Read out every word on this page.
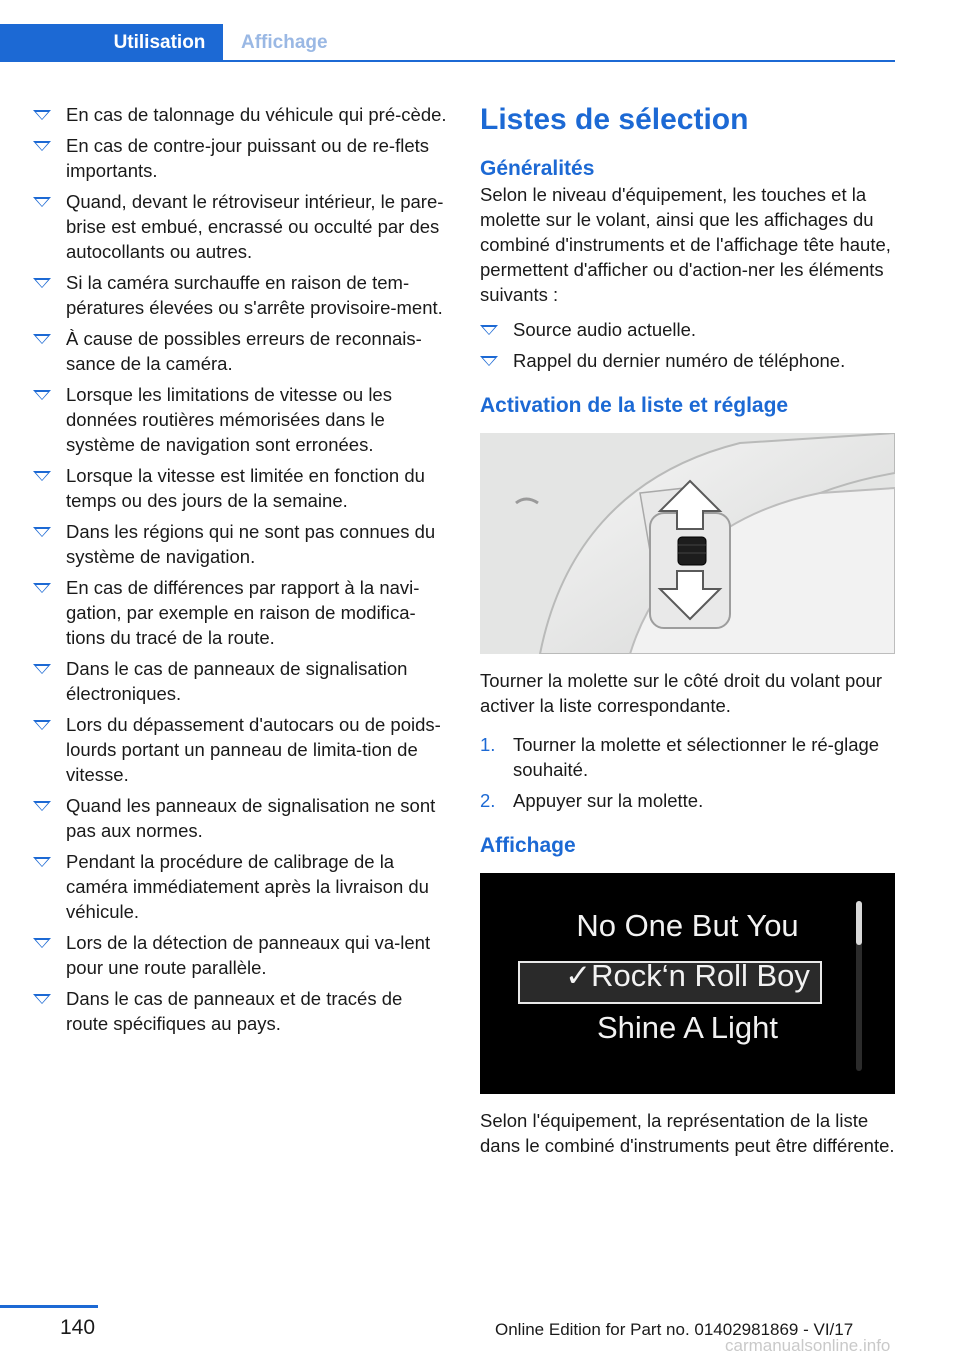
Utilisation	Affichage
En cas de talonnage du véhicule qui pré‐cède.
En cas de contre-jour puissant ou de re‐flets importants.
Quand, devant le rétroviseur intérieur, le pare-brise est embué, encrassé ou occulté par des autocollants ou autres.
Si la caméra surchauffe en raison de tem‐pératures élevées ou s'arrête provisoire‐ment.
À cause de possibles erreurs de reconnais‐sance de la caméra.
Lorsque les limitations de vitesse ou les données routières mémorisées dans le système de navigation sont erronées.
Lorsque la vitesse est limitée en fonction du temps ou des jours de la semaine.
Dans les régions qui ne sont pas connues du système de navigation.
En cas de différences par rapport à la navi‐gation, par exemple en raison de modifica‐tions du tracé de la route.
Dans le cas de panneaux de signalisation électroniques.
Lors du dépassement d'autocars ou de poids-lourds portant un panneau de limita‐tion de vitesse.
Quand les panneaux de signalisation ne sont pas aux normes.
Pendant la procédure de calibrage de la caméra immédiatement après la livraison du véhicule.
Lors de la détection de panneaux qui va‐lent pour une route parallèle.
Dans le cas de panneaux et de tracés de route spécifiques au pays.
Listes de sélection
Généralités

Selon le niveau d'équipement, les touches et la molette sur le volant, ainsi que les affichages du combiné d'instruments et de l'affichage tête haute, permettent d'afficher ou d'action‐ner les éléments suivants :

Source audio actuelle.
Rappel du dernier numéro de téléphone.
Activation de la liste et réglage

Tourner la molette sur le côté droit du volant pour activer la liste correspondante.

1. Tourner la molette et sélectionner le ré‐glage souhaité.
2. Appuyer sur la molette.
Affichage
No One But You
✓Rock‘n Roll Boy
Shine A Light

Selon l'équipement, la représentation de la liste dans le combiné d'instruments peut être différente.

140	Online Edition for Part no. 01402981869 - VI/17
carmanualsonline.info
